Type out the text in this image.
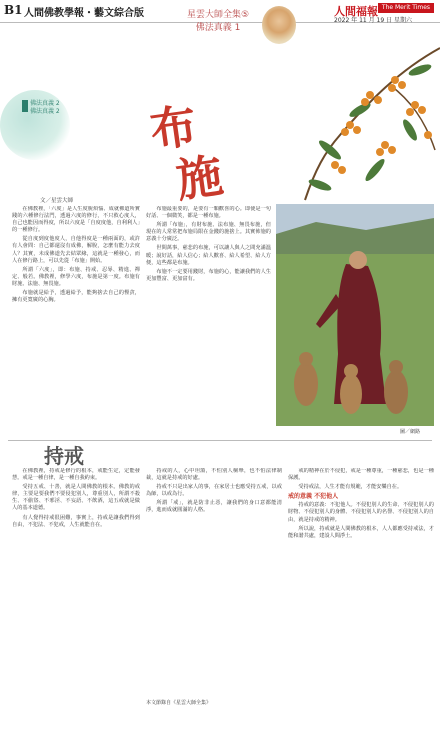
B1 人間佛教學報・藝文綜合版	人間福報 The Merit Times
2022 年 11 月 19 日 星期六
星雲大師全集⑤
佛法真義 1
佛法真義 2
佛法真義 2 布
施
文／星雲大師

在佛教裡，「六度」是人生度脫煩惱、成就佛道所實踐的六種修行法門，透過六度的修行，不只救心度人，自己也能因而得度，所以六度是「自度度他，自利利人」的一種修行。

從自度到度他度人，自他得度是一種兩面的，或許有人會問：自己都還沒有成佛，解脫，怎麼有能力去度人？其實，未成佛道先去結眾緣，這就是一種發心，而人在修行路上，可以先從「布施」開始。

所謂「六度」，即：布施、持戒、忍辱、精進、禪定、般若。佛教裡，修學六度，布施是第一度。布施有財施、法施、無畏施。

布施就是給予，透過給予，能夠捨去自己的慳貪，擁有更寬廣的心胸。

布施最重要的，是要有一顆歡喜的心。即使是一句好話、一個微笑，都是一種布施。

所謂「布施」，有財布施、法布施、無畏布施，但現在的人常常把布施局限在金錢的施捨上。其實佈施的意義十分廣泛。

世間萬事，慈悲的布施，可以讓人與人之間充滿溫暖；說好話，給人信心；給人歡喜、給人希望、給人方便，這些都是布施。

布施不一定要用錢財，布施的心，能讓我們的人生更加豐富、更加富有。

圖／網路
持戒

在佛教裡，持戒是修行的根本，戒能生定，定能發慧。戒是一種自律，是一種自我約束。

受持五戒、十善，就是人間佛教的根本。佛教的戒律，主要是要我們不要侵犯別人，尊重別人，所謂不殺生、不偷盜、不邪淫、不妄語、不飲酒，這五戒就是做人的基本道德。

有人覺得持戒很困難，事實上，持戒是讓我們得到自由，不犯法、不犯戒，人生就能自在。

持戒的人，心中坦蕩，不怕別人檢舉，也不怕法律制裁，這就是持戒的好處。

持戒不只是出家人的事，在家居士也應受持五戒，以戒為師，以戒為行。

所謂「戒」，就是防非止惡，讓我們的身口意都能清淨，進而成就圓滿的人格。

戒的精神在於不侵犯，戒是一種尊重，一種慈悲，也是一種保護。

受持戒法，人生才能有規範，才能安樂自在。

戒的意義 不犯他人

持戒的意義：不犯他人。不侵犯別人的生命、不侵犯別人的財物、不侵犯別人的身體、不侵犯別人的名譽、不侵犯別人的自由，就是持戒的精神。

所以說，持戒就是人間佛教的根本，人人都應受持戒法，才能和諧共處，建設人間淨土。

本文節錄自《星雲大師全集》
